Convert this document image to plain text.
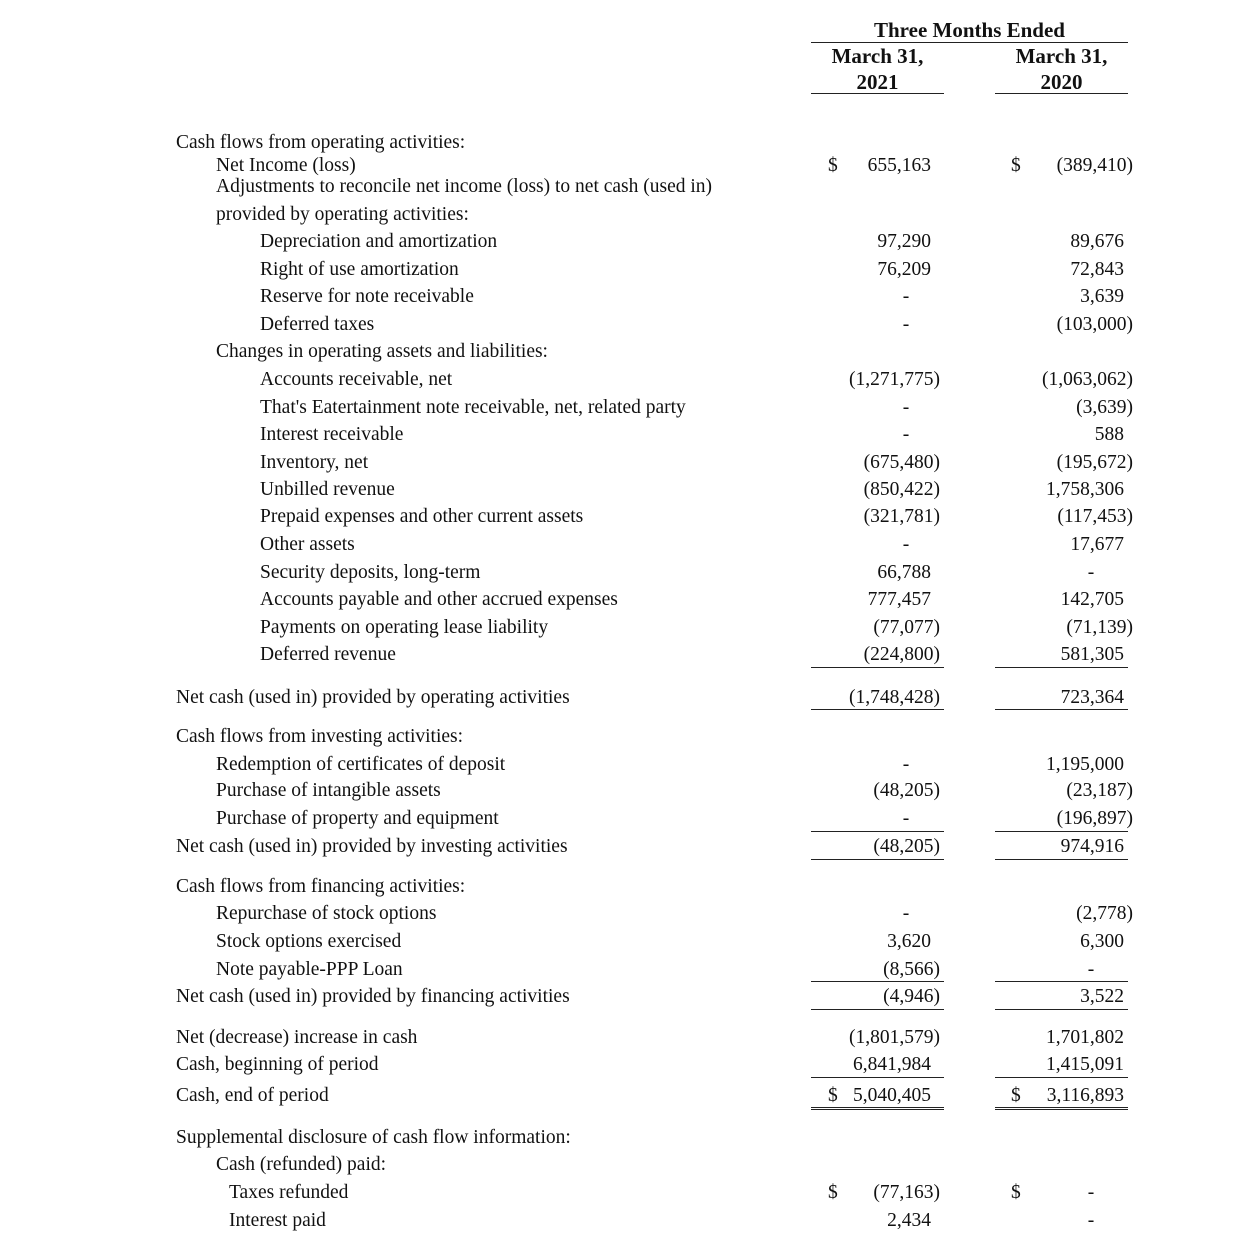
Three Months Ended
March 31,
2021
March 31,
2020
Cash flows from operating activities:
Net Income (loss)	$ 655,163	$ (389,410)
Adjustments to reconcile net income (loss) to net cash (used in)
provided by operating activities:
Depreciation and amortization	97,290	89,676
Right of use amortization	76,209	72,843
Reserve for note receivable	-	3,639
Deferred taxes	-	(103,000)
Changes in operating assets and liabilities:
Accounts receivable, net	(1,271,775)	(1,063,062)
That's Eatertainment note receivable, net, related party	-	(3,639)
Interest receivable	-	588
Inventory, net	(675,480)	(195,672)
Unbilled revenue	(850,422)	1,758,306
Prepaid expenses and other current assets	(321,781)	(117,453)
Other assets	-	17,677
Security deposits, long-term	66,788	-
Accounts payable and other accrued expenses	777,457	142,705
Payments on operating lease liability	(77,077)	(71,139)
Deferred revenue	(224,800)	581,305
Net cash (used in) provided by operating activities	(1,748,428)	723,364
Cash flows from investing activities:
Redemption of certificates of deposit	-	1,195,000
Purchase of intangible assets	(48,205)	(23,187)
Purchase of property and equipment	-	(196,897)
Net cash (used in) provided by investing activities	(48,205)	974,916
Cash flows from financing activities:
Repurchase of stock options	-	(2,778)
Stock options exercised	3,620	6,300
Note payable-PPP Loan	(8,566)	-
Net cash (used in) provided by financing activities	(4,946)	3,522
Net (decrease) increase in cash	(1,801,579)	1,701,802
Cash, beginning of period	6,841,984	1,415,091
Cash, end of period	$ 5,040,405	$ 3,116,893
Supplemental disclosure of cash flow information:
Cash (refunded) paid:
Taxes refunded	$ (77,163)	$	-
Interest paid	2,434	-
